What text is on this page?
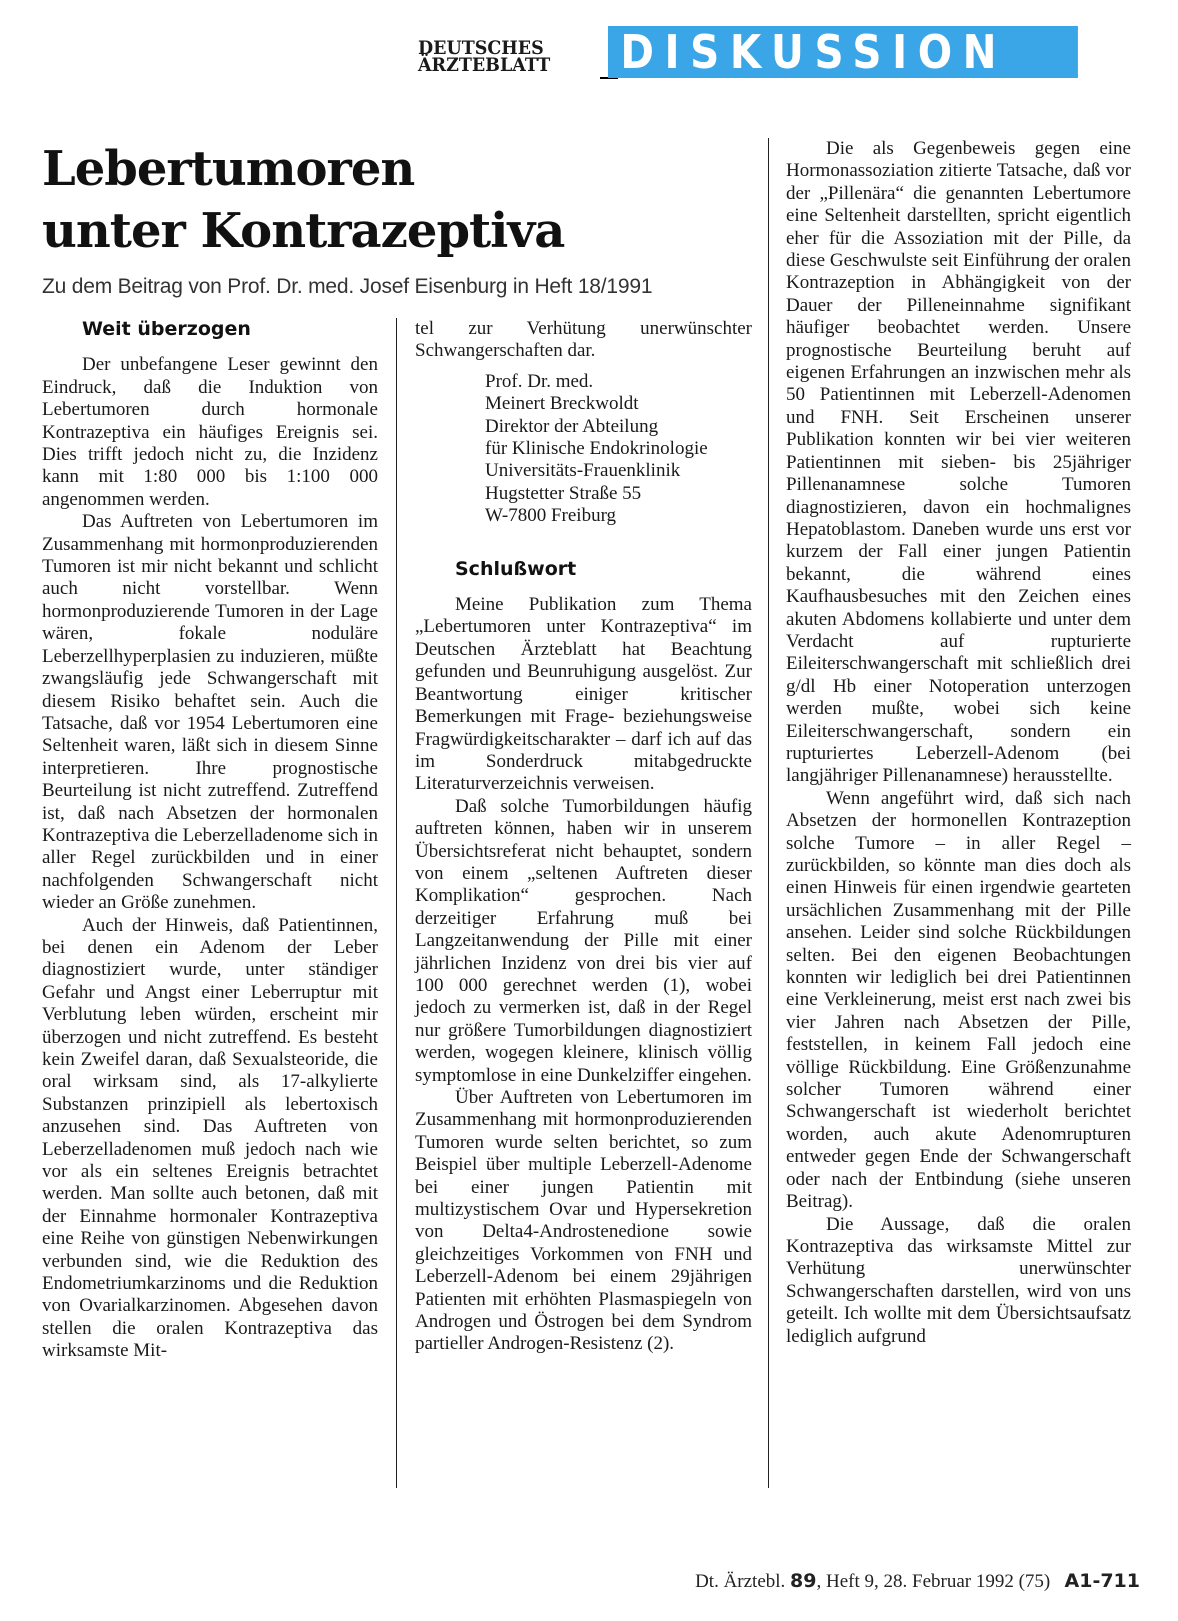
DEUTSCHES
ÄRZTEBLATT	DISKUSSION
Lebertumoren
unter Kontrazeptiva
Zu dem Beitrag von Prof. Dr. med. Josef Eisenburg in Heft 18/1991
Weit überzogen

Der unbefangene Leser gewinnt den Eindruck, daß die Induktion von Lebertumoren durch hormonale Kontrazeptiva ein häufiges Ereignis sei. Dies trifft jedoch nicht zu, die Inzidenz kann mit 1:80 000 bis 1:100 000 angenommen werden.

Das Auftreten von Lebertumoren im Zusammenhang mit hormonproduzierenden Tumoren ist mir nicht bekannt und schlicht auch nicht vorstellbar. Wenn hormonproduzierende Tumoren in der Lage wären, fokale noduläre Leberzellhyperplasien zu induzieren, müßte zwangsläufig jede Schwangerschaft mit diesem Risiko behaftet sein. Auch die Tatsache, daß vor 1954 Lebertumoren eine Seltenheit waren, läßt sich in diesem Sinne interpretieren. Ihre prognostische Beurteilung ist nicht zutreffend. Zutreffend ist, daß nach Absetzen der hormonalen Kontrazeptiva die Leberzelladenome sich in aller Regel zurückbilden und in einer nachfolgenden Schwangerschaft nicht wieder an Größe zunehmen.

Auch der Hinweis, daß Patientinnen, bei denen ein Adenom der Leber diagnostiziert wurde, unter ständiger Gefahr und Angst einer Leberruptur mit Verblutung leben würden, erscheint mir überzogen und nicht zutreffend. Es besteht kein Zweifel daran, daß Sexualsteoride, die oral wirksam sind, als 17-alkylierte Substanzen prinzipiell als lebertoxisch anzusehen sind. Das Auftreten von Leberzelladenomen muß jedoch nach wie vor als ein seltenes Ereignis betrachtet werden. Man sollte auch betonen, daß mit der Einnahme hormonaler Kontrazeptiva eine Reihe von günstigen Nebenwirkungen verbunden sind, wie die Reduktion des Endometriumkarzinoms und die Reduktion von Ovarialkarzinomen. Abgesehen davon stellen die oralen Kontrazeptiva das wirksamste Mit-

tel zur Verhütung unerwünschter Schwangerschaften dar.

Prof. Dr. med.
Meinert Breckwoldt
Direktor der Abteilung
für Klinische Endokrinologie
Universitäts-Frauenklinik
Hugstetter Straße 55
W-7800 Freiburg
Schlußwort

Meine Publikation zum Thema „Lebertumoren unter Kontrazeptiva“ im Deutschen Ärzteblatt hat Beachtung gefunden und Beunruhigung ausgelöst. Zur Beantwortung einiger kritischer Bemerkungen mit Frage- beziehungsweise Fragwürdigkeitscharakter – darf ich auf das im Sonderdruck mitabgedruckte Literaturverzeichnis verweisen.

Daß solche Tumorbildungen häufig auftreten können, haben wir in unserem Übersichtsreferat nicht behauptet, sondern von einem „seltenen Auftreten dieser Komplikation“ gesprochen. Nach derzeitiger Erfahrung muß bei Langzeitanwendung der Pille mit einer jährlichen Inzidenz von drei bis vier auf 100 000 gerechnet werden (1), wobei jedoch zu vermerken ist, daß in der Regel nur größere Tumorbildungen diagnostiziert werden, wogegen kleinere, klinisch völlig symptomlose in eine Dunkelziffer eingehen.

Über Auftreten von Lebertumoren im Zusammenhang mit hormonproduzierenden Tumoren wurde selten berichtet, so zum Beispiel über multiple Leberzell-Adenome bei einer jungen Patientin mit multizystischem Ovar und Hypersekretion von Delta4-Androstenedione sowie gleichzeitiges Vorkommen von FNH und Leberzell-Adenom bei einem 29jährigen Patienten mit erhöhten Plasmaspiegeln von Androgen und Östrogen bei dem Syndrom partieller Androgen-Resistenz (2).

Die als Gegenbeweis gegen eine Hormonassoziation zitierte Tatsache, daß vor der „Pillenära“ die genannten Lebertumore eine Seltenheit darstellten, spricht eigentlich eher für die Assoziation mit der Pille, da diese Geschwulste seit Einführung der oralen Kontrazeption in Abhängigkeit von der Dauer der Pilleneinnahme signifikant häufiger beobachtet werden. Unsere prognostische Beurteilung beruht auf eigenen Erfahrungen an inzwischen mehr als 50 Patientinnen mit Leberzell-Adenomen und FNH. Seit Erscheinen unserer Publikation konnten wir bei vier weiteren Patientinnen mit sieben- bis 25jähriger Pillenanamnese solche Tumoren diagnostizieren, davon ein hochmalignes Hepatoblastom. Daneben wurde uns erst vor kurzem der Fall einer jungen Patientin bekannt, die während eines Kaufhausbesuches mit den Zeichen eines akuten Abdomens kollabierte und unter dem Verdacht auf rupturierte Eileiterschwangerschaft mit schließlich drei g/dl Hb einer Notoperation unterzogen werden mußte, wobei sich keine Eileiterschwangerschaft, sondern ein rupturiertes Leberzell-Adenom (bei langjähriger Pillenanamnese) herausstellte.

Wenn angeführt wird, daß sich nach Absetzen der hormonellen Kontrazeption solche Tumore – in aller Regel – zurückbilden, so könnte man dies doch als einen Hinweis für einen irgendwie gearteten ursächlichen Zusammenhang mit der Pille ansehen. Leider sind solche Rückbildungen selten. Bei den eigenen Beobachtungen konnten wir lediglich bei drei Patientinnen eine Verkleinerung, meist erst nach zwei bis vier Jahren nach Absetzen der Pille, feststellen, in keinem Fall jedoch eine völlige Rückbildung. Eine Größenzunahme solcher Tumoren während einer Schwangerschaft ist wiederholt berichtet worden, auch akute Adenomrupturen entweder gegen Ende der Schwangerschaft oder nach der Entbindung (siehe unseren Beitrag).

Die Aussage, daß die oralen Kontrazeptiva das wirksamste Mittel zur Verhütung unerwünschter Schwangerschaften darstellen, wird von uns geteilt. Ich wollte mit dem Übersichtsaufsatz lediglich aufgrund

Dt. Ärztebl. 89, Heft 9, 28. Februar 1992 (75) A1-711
